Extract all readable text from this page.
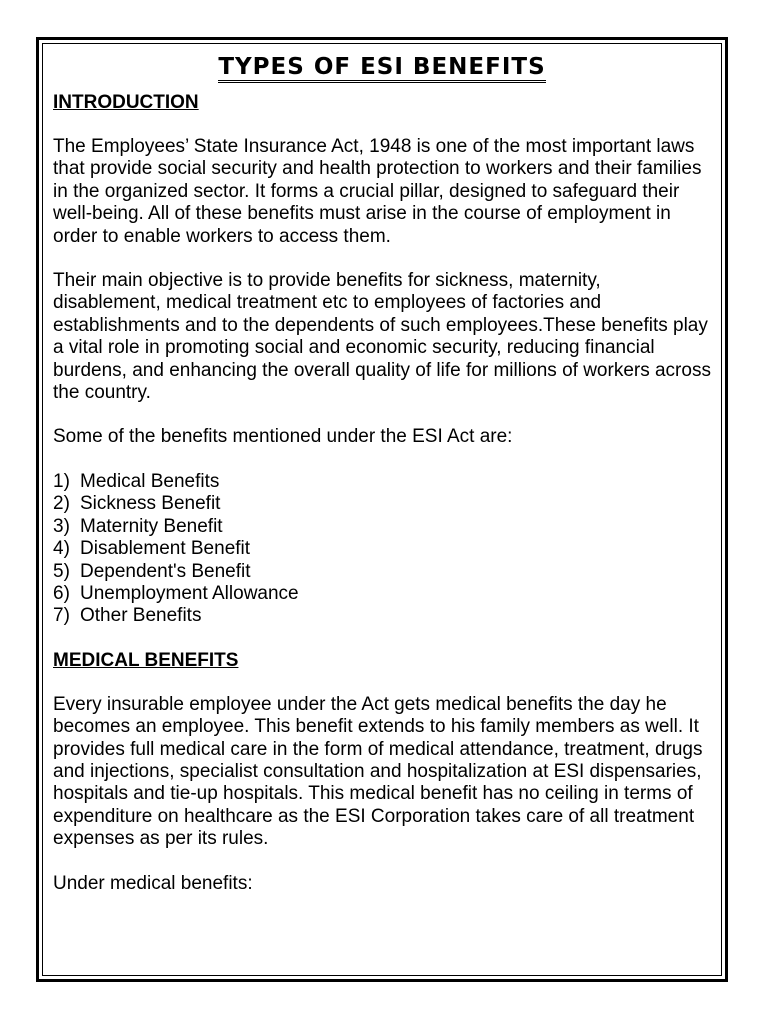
TYPES OF ESI BENEFITS
INTRODUCTION

The Employees’ State Insurance Act, 1948 is one of the most important laws that provide social security and health protection to workers and their families in the organized sector. It forms a crucial pillar, designed to safeguard their well-being. All of these benefits must arise in the course of employment in order to enable workers to access them.

Their main objective is to provide benefits for sickness, maternity, disablement, medical treatment etc to employees of factories and establishments and to the dependents of such employees.These benefits play a vital role in promoting social and economic security, reducing financial burdens, and enhancing the overall quality of life for millions of workers across the country.

Some of the benefits mentioned under the ESI Act are:

1) Medical Benefits
2) Sickness Benefit
3) Maternity Benefit
4) Disablement Benefit
5) Dependent's Benefit
6) Unemployment Allowance
7) Other Benefits
MEDICAL BENEFITS

Every insurable employee under the Act gets medical benefits the day he becomes an employee. This benefit extends to his family members as well. It provides full medical care in the form of medical attendance, treatment, drugs and injections, specialist consultation and hospitalization at ESI dispensaries, hospitals and tie-up hospitals. This medical benefit has no ceiling in terms of expenditure on healthcare as the ESI Corporation takes care of all treatment expenses as per its rules.

Under medical benefits:
